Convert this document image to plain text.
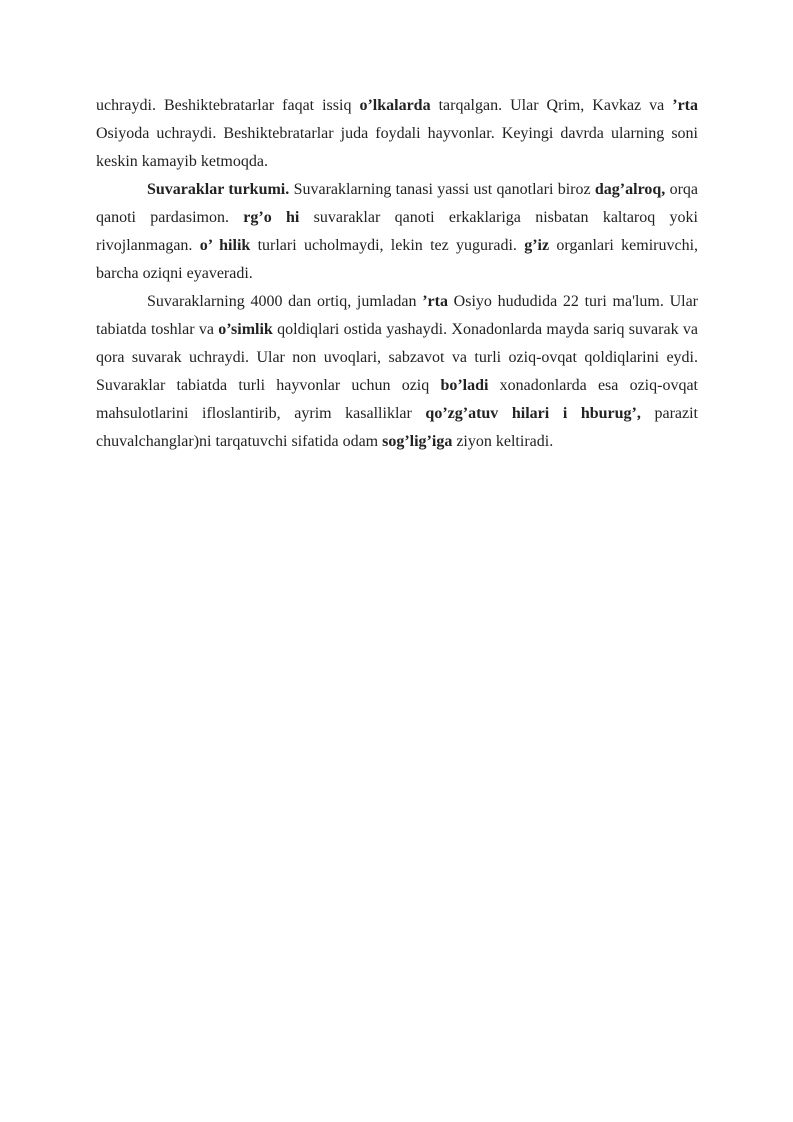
uchraydi. Beshiktebratarlar faqat issiq o’lkalarda tarqalgan. Ular Qrim, Kavkaz va ’rta Osiyoda uchraydi. Beshiktebratarlar juda foydali hayvonlar. Keyingi davrda ularning soni keskin kamayib ketmoqda.

Suvaraklar turkumi. Suvaraklarning tanasi yassi ust qanotlari biroz dag’alroq, orqa qanoti pardasimon. rg’o hi suvaraklar qanoti erkaklariga nisbatan kaltaroq yoki rivojlanmagan. o’ hilik turlari ucholmaydi, lekin tez yuguradi. g’iz organlari kemiruvchi, barcha oziqni eyaveradi.

Suvaraklarning 4000 dan ortiq, jumladan ’rta Osiyo hududida 22 turi ma'lum. Ular tabiatda toshlar va o’simlik qoldiqlari ostida yashaydi. Xonadonlarda mayda sariq suvarak va qora suvarak uchraydi. Ular non uvoqlari, sabzavot va turli oziq-ovqat qoldiqlarini eydi. Suvaraklar tabiatda turli hayvonlar uchun oziq bo’ladi xonadonlarda esa oziq-ovqat mahsulotlarini ifloslantirib, ayrim kasalliklar qo’zg’atuv hilari i hburug’, parazit chuvalchanglar)ni tarqatuvchi sifatida odam sog’lig’iga ziyon keltiradi.
